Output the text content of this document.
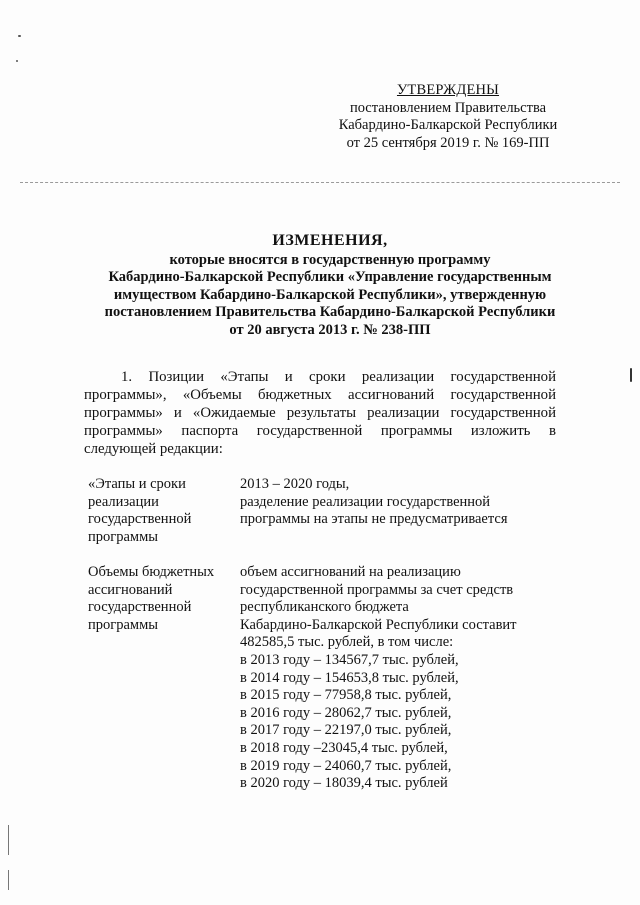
УТВЕРЖДЕНЫ
постановлением Правительства
Кабардино-Балкарской Республики
от 25 сентября 2019 г. № 169-ПП
ИЗМЕНЕНИЯ,
которые вносятся в государственную программу
Кабардино-Балкарской Республики «Управление государственным
имуществом Кабардино-Балкарской Республики», утвержденную
постановлением Правительства Кабардино-Балкарской Республики
от 20 августа 2013 г. № 238-ПП
1. Позиции «Этапы и сроки реализации государственной программы», «Объемы бюджетных ассигнований государственной программы» и «Ожидаемые результаты реализации государственной программы» паспорта государственной программы изложить в следующей редакции:
«Этапы и сроки
реализации
государственной
программы
2013 – 2020 годы,
разделение реализации государственной
программы на этапы не предусматривается
Объемы бюджетных
ассигнований
государственной
программы
объем ассигнований на реализацию
государственной программы за счет средств
республиканского бюджета
Кабардино-Балкарской Республики составит
482585,5 тыс. рублей, в том числе:
в 2013 году – 134567,7 тыс. рублей,
в 2014 году – 154653,8 тыс. рублей,
в 2015 году – 77958,8 тыс. рублей,
в 2016 году – 28062,7 тыс. рублей,
в 2017 году – 22197,0 тыс. рублей,
в 2018 году –23045,4 тыс. рублей,
в 2019 году – 24060,7 тыс. рублей,
в 2020 году – 18039,4 тыс. рублей
